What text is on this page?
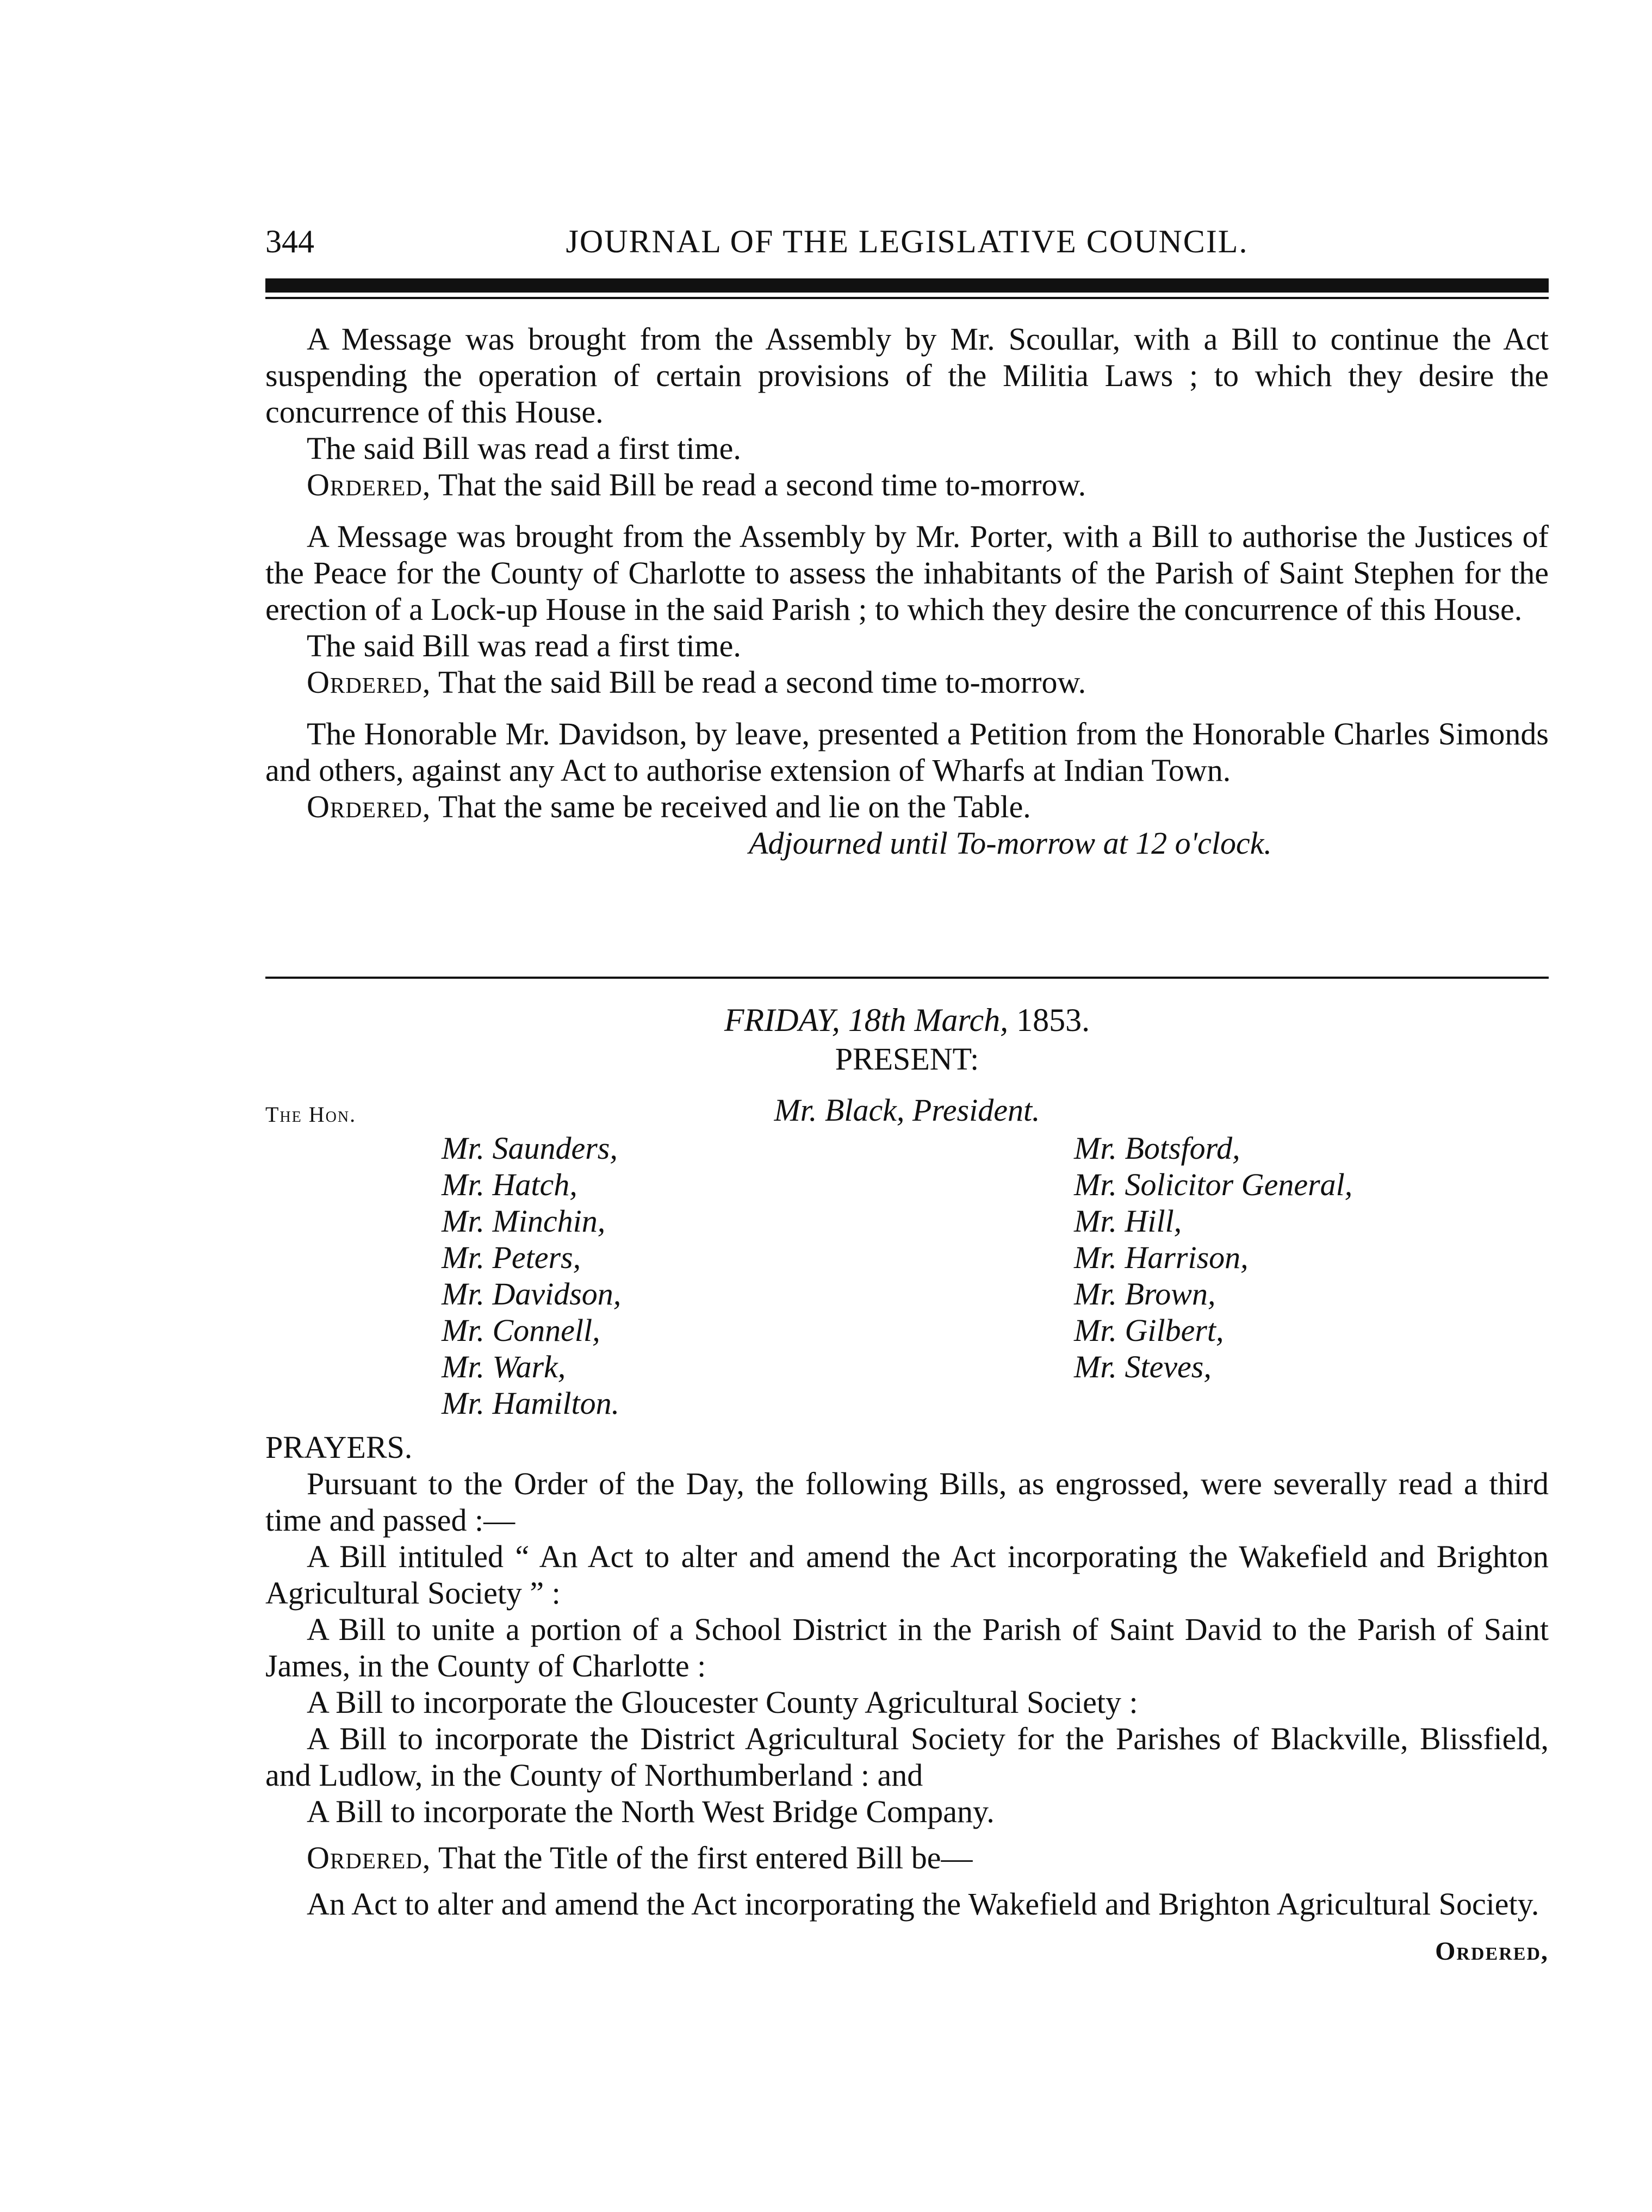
344	JOURNAL OF THE LEGISLATIVE COUNCIL.

A Message was brought from the Assembly by Mr. Scoullar, with a Bill to continue the Act suspending the operation of certain provisions of the Militia Laws ; to which they desire the concurrence of this House.

The said Bill was read a first time.

Ordered, That the said Bill be read a second time to-morrow.

A Message was brought from the Assembly by Mr. Porter, with a Bill to authorise the Justices of the Peace for the County of Charlotte to assess the inhabitants of the Parish of Saint Stephen for the erection of a Lock-up House in the said Parish ; to which they desire the concurrence of this House.

The said Bill was read a first time.

Ordered, That the said Bill be read a second time to-morrow.

The Honorable Mr. Davidson, by leave, presented a Petition from the Honorable Charles Simonds and others, against any Act to authorise extension of Wharfs at Indian Town.

Ordered, That the same be received and lie on the Table.

Adjourned until To-morrow at 12 o'clock.
FRIDAY, 18th March, 1853.
PRESENT:
The Hon.	Mr. Black, President.
Mr. Saunders,
Mr. Hatch,
Mr. Minchin,
Mr. Peters,
Mr. Davidson,
Mr. Connell,
Mr. Wark,
Mr. Hamilton.
Mr. Botsford,
Mr. Solicitor General,
Mr. Hill,
Mr. Harrison,
Mr. Brown,
Mr. Gilbert,
Mr. Steves,

PRAYERS.

Pursuant to the Order of the Day, the following Bills, as engrossed, were severally read a third time and passed :—

A Bill intituled “ An Act to alter and amend the Act incorporating the Wakefield and Brighton Agricultural Society ” :

A Bill to unite a portion of a School District in the Parish of Saint David to the Parish of Saint James, in the County of Charlotte :

A Bill to incorporate the Gloucester County Agricultural Society :

A Bill to incorporate the District Agricultural Society for the Parishes of Blackville, Blissfield, and Ludlow, in the County of Northumberland : and

A Bill to incorporate the North West Bridge Company.

Ordered, That the Title of the first entered Bill be—

An Act to alter and amend the Act incorporating the Wakefield and Brighton Agricultural Society.

Ordered,
